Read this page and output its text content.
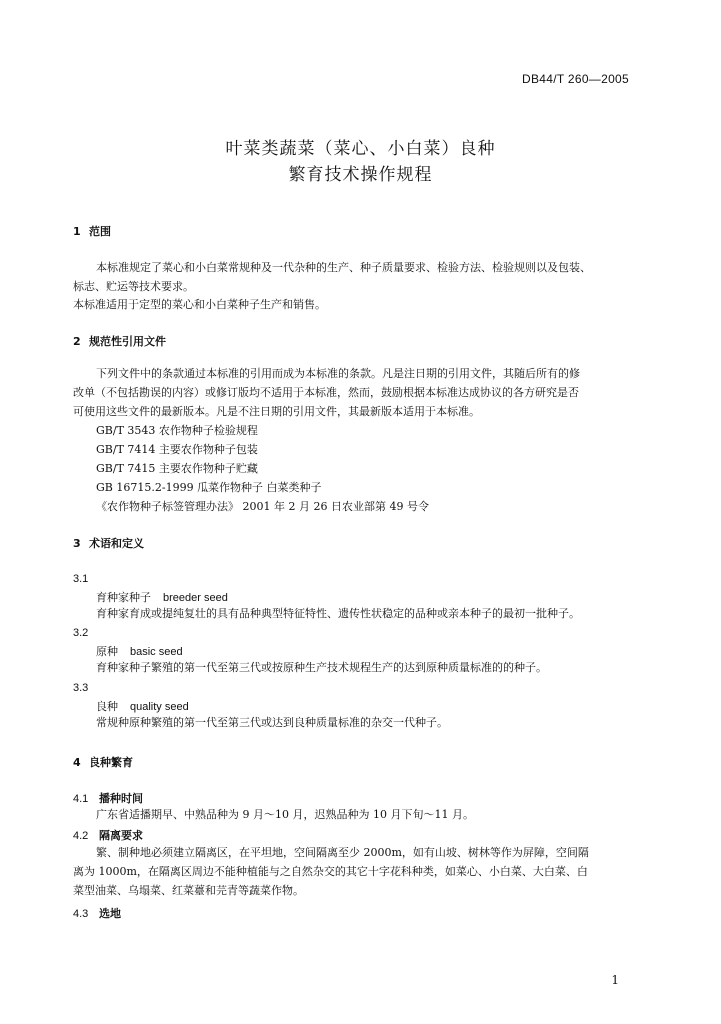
DB44/T 260—2005
叶菜类蔬菜（菜心、小白菜）良种
繁育技术操作规程
1 范围
本标准规定了菜心和小白菜常规种及一代杂种的生产、种子质量要求、检验方法、检验规则以及包装、
标志、贮运等技术要求。
本标准适用于定型的菜心和小白菜种子生产和销售。
2 规范性引用文件
下列文件中的条款通过本标准的引用而成为本标准的条款。凡是注日期的引用文件，其随后所有的修
改单（不包括勘误的内容）或修订版均不适用于本标准，然而，鼓励根据本标准达成协议的各方研究是否
可使用这些文件的最新版本。凡是不注日期的引用文件，其最新版本适用于本标准。
GB/T 3543 农作物种子检验规程
GB/T 7414 主要农作物种子包装
GB/T 7415 主要农作物种子贮藏
GB 16715.2-1999 瓜菜作物种子 白菜类种子
《农作物种子标签管理办法》 2001 年 2 月 26 日农业部第 49 号令
3 术语和定义
3.1
育种家种子 breeder seed
育种家育成或提纯复壮的具有品种典型特征特性、遗传性状稳定的品种或亲本种子的最初一批种子。
3.2
原种 basic seed
育种家种子繁殖的第一代至第三代或按原种生产技术规程生产的达到原种质量标准的的种子。
3.3
良种 quality seed
常规种原种繁殖的第一代至第三代或达到良种质量标准的杂交一代种子。
4 良种繁育
4.1 播种时间
广东省适播期早、中熟品种为 9 月～10 月，迟熟品种为 10 月下旬～11 月。
4.2 隔离要求
繁、制种地必须建立隔离区，在平坦地，空间隔离至少 2000m，如有山坡、树林等作为屏障，空间隔
离为 1000m，在隔离区周边不能种植能与之自然杂交的其它十字花科种类，如菜心、小白菜、大白菜、白
菜型油菜、乌塌菜、红菜薹和芫青等蔬菜作物。
4.3 选地
1
